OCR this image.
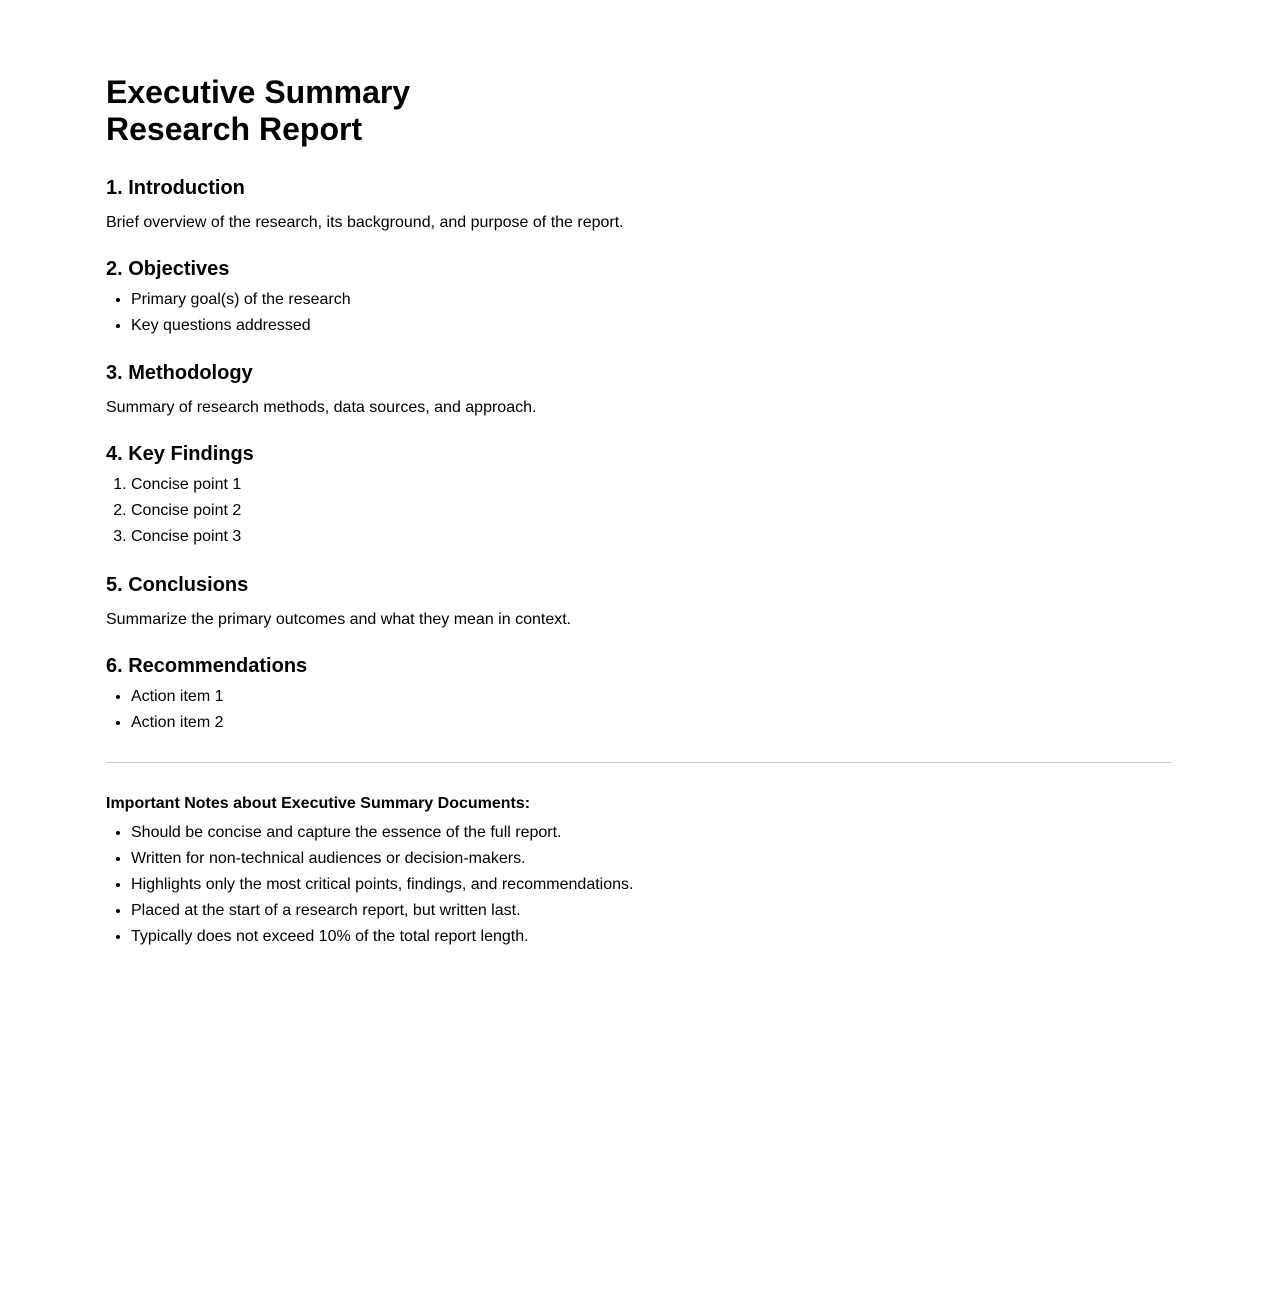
Executive Summary
Research Report
1. Introduction

Brief overview of the research, its background, and purpose of the report.

2. Objectives
• Primary goal(s) of the research
• Key questions addressed
3. Methodology

Summary of research methods, data sources, and approach.

4. Key Findings
1. Concise point 1
2. Concise point 2
3. Concise point 3
5. Conclusions

Summarize the primary outcomes and what they mean in context.

6. Recommendations
• Action item 1
• Action item 2

Important Notes about Executive Summary Documents:

• Should be concise and capture the essence of the full report.
• Written for non-technical audiences or decision-makers.
• Highlights only the most critical points, findings, and recommendations.
• Placed at the start of a research report, but written last.
• Typically does not exceed 10% of the total report length.
